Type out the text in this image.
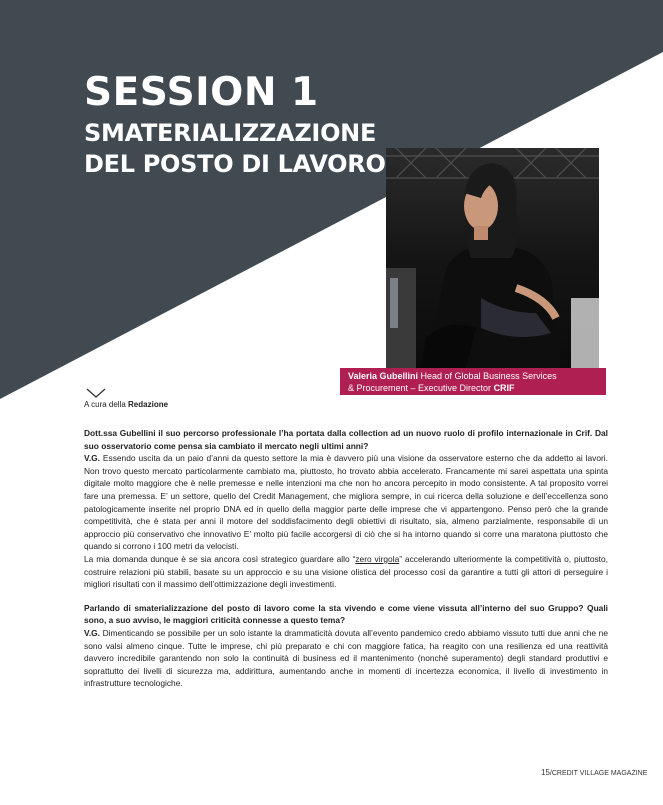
SESSION 1
SMATERIALIZZAZIONE
DEL POSTO DI LAVORO
Valeria Gubellini Head of Global Business Services
& Procurement – Executive Director CRIF
A cura della Redazione

Dott.ssa Gubellini il suo percorso professionale l’ha portata dalla collection ad un nuovo ruolo di profilo internazionale in Crif. Dal suo osservatorio come pensa sia cambiato il mercato negli ultimi anni?

V.G. Essendo uscita da un paio d’anni da questo settore la mia è davvero più una visione da osservatore esterno che da addetto ai lavori. Non trovo questo mercato particolarmente cambiato ma, piuttosto, ho trovato abbia accelerato. Francamente mi sarei aspettata una spinta digitale molto maggiore che è nelle premesse e nelle intenzioni ma che non ho ancora percepito in modo consistente. A tal proposito vorrei fare una premessa. E’ un settore, quello del Credit Management, che migliora sempre, in cui ricerca della soluzione e dell’eccellenza sono patologicamente inserite nel proprio DNA ed in quello della maggior parte delle imprese che vi appartengono. Penso però che la grande competitività, che è stata per anni il motore del soddisfacimento degli obiettivi di risultato, sia, almeno parzialmente, responsabile di un approccio più conservativo che innovativo E’ molto più facile accorgersi di ciò che si ha intorno quando si corre una maratona piuttosto che quando si corrono i 100 metri da velocisti.

La mia domanda dunque è se sia ancora così strategico guardare allo “zero virgola” accelerando ulteriormente la competitività o, piuttosto, costruire relazioni più stabili, basate su un approccio e su una visione olistica del processo così da garantire a tutti gli attori di perseguire i migliori risultati con il massimo dell’ottimizzazione degli investimenti.

Parlando di smaterializzazione del posto di lavoro come la sta vivendo e come viene vissuta all’interno del suo Gruppo? Quali sono, a suo avviso, le maggiori criticità connesse a questo tema?

V.G. Dimenticando se possibile per un solo istante la drammaticità dovuta all’evento pandemico credo abbiamo vissuto tutti due anni che ne sono valsi almeno cinque. Tutte le imprese, chi più preparato e chi con maggiore fatica, ha reagito con una resilienza ed una reattività davvero incredibile garantendo non solo la continuità di business ed il mantenimento (nonché superamento) degli standard produttivi e soprattutto dei livelli di sicurezza ma, addirittura, aumentando anche in momenti di incertezza economica, il livello di investimento in infrastrutture tecnologiche.

15/CREDIT VILLAGE MAGAZINE
